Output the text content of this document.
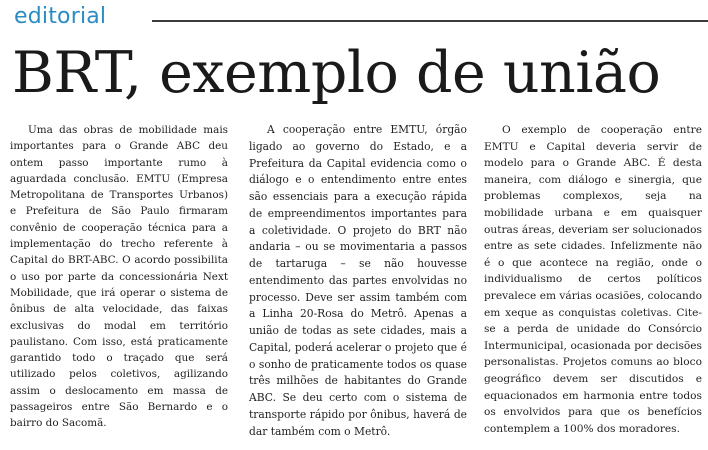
editorial
BRT, exemplo de união

Uma das obras de mobilidade mais importantes para o Grande ABC deu ontem passo importante rumo à aguardada conclusão. EMTU (Empresa Metropolitana de Transportes Urbanos) e Prefeitura de São Paulo firmaram convênio de cooperação técnica para a implementação do trecho referente à Capital do BRT-ABC. O acordo possibilita o uso por parte da concessionária Next Mobilidade, que irá operar o sistema de ônibus de alta velocidade, das faixas exclusivas do modal em território paulistano. Com isso, está praticamente garantido todo o traçado que será utilizado pelos coletivos, agilizando assim o deslocamento em massa de passageiros entre São Bernardo e o bairro do Sacomã.

A cooperação entre EMTU, órgão ligado ao governo do Estado, e a Prefeitura da Capital evidencia como o diálogo e o entendimento entre entes são essenciais para a execução rápida de empreendimentos importantes para a coletividade. O projeto do BRT não andaria – ou se movimentaria a passos de tartaruga – se não houvesse entendimento das partes envolvidas no processo. Deve ser assim também com a Linha 20-Rosa do Metrô. Apenas a união de todas as sete cidades, mais a Capital, poderá acelerar o projeto que é o sonho de praticamente todos os quase três milhões de habitantes do Grande ABC. Se deu certo com o sistema de transporte rápido por ônibus, haverá de dar também com o Metrô.

O exemplo de cooperação entre EMTU e Capital deveria servir de modelo para o Grande ABC. É desta maneira, com diálogo e sinergia, que problemas complexos, seja na mobilidade urbana e em quaisquer outras áreas, deveriam ser solucionados entre as sete cidades. Infelizmente não é o que acontece na região, onde o individualismo de certos políticos prevalece em várias ocasiões, colocando em xeque as conquistas coletivas. Cite-se a perda de unidade do Consórcio Intermunicipal, ocasionada por decisões personalistas. Projetos comuns ao bloco geográfico devem ser discutidos e equacionados em harmonia entre todos os envolvidos para que os benefícios contemplem a 100% dos moradores.
